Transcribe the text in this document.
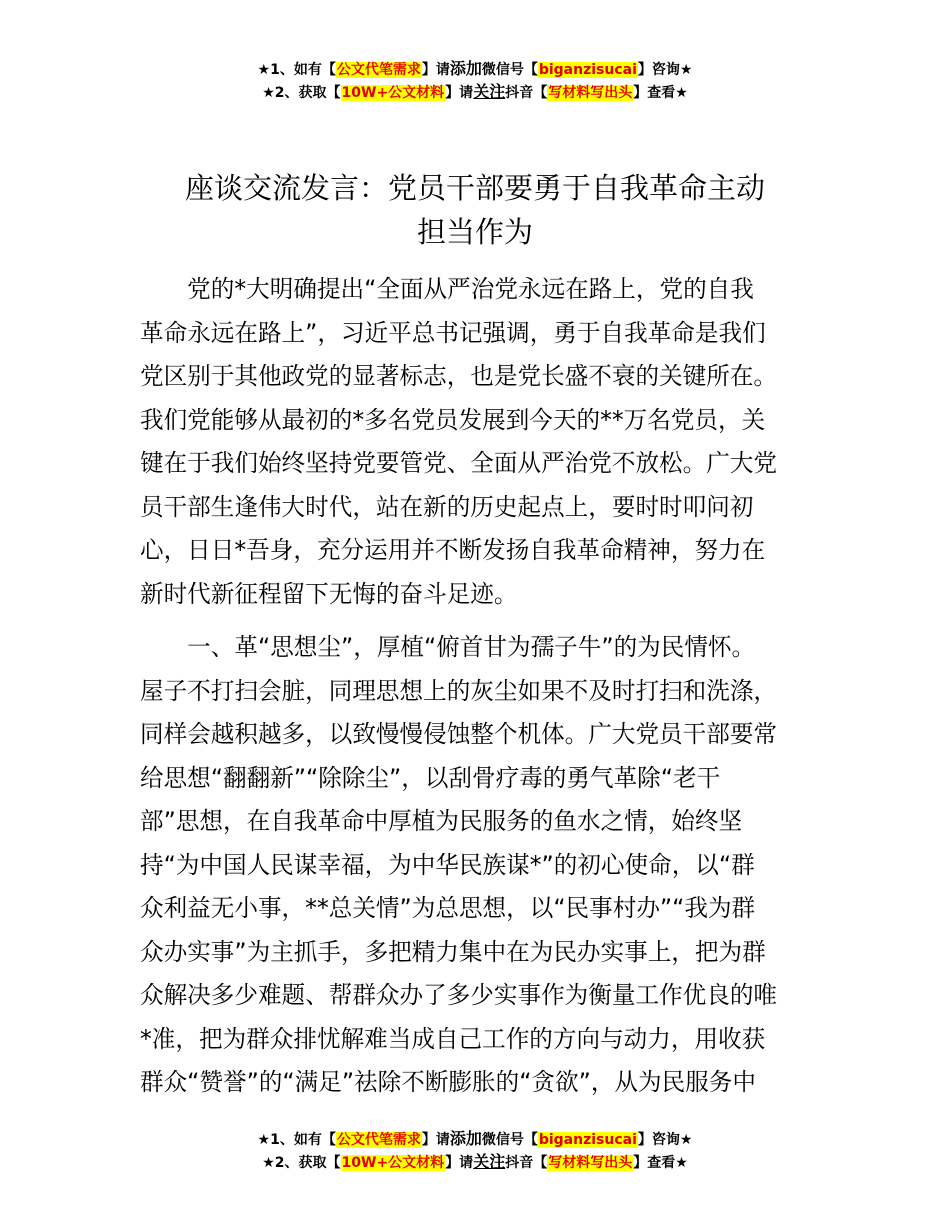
★1、如有【公文代笔需求】请添加微信号【biganzisucai】咨询★
★2、获取【10W+公文材料】请关注抖音【写材料写出头】查看★
座谈交流发言：党员干部要勇于自我革命主动
担当作为
　　党的*大明确提出“全面从严治党永远在路上，党的自我
革命永远在路上”，习近平总书记强调，勇于自我革命是我们
党区别于其他政党的显著标志，也是党长盛不衰的关键所在。
我们党能够从最初的*多名党员发展到今天的**万名党员，关
键在于我们始终坚持党要管党、全面从严治党不放松。广大党
员干部生逢伟大时代，站在新的历史起点上，要时时叩问初
心，日日*吾身，充分运用并不断发扬自我革命精神，努力在
新时代新征程留下无悔的奋斗足迹。
　　一、革“思想尘”，厚植“俯首甘为孺子牛”的为民情怀。
屋子不打扫会脏，同理思想上的灰尘如果不及时打扫和洗涤，
同样会越积越多，以致慢慢侵蚀整个机体。广大党员干部要常
给思想“翻翻新”“除除尘”，以刮骨疗毒的勇气革除“老干
部”思想，在自我革命中厚植为民服务的鱼水之情，始终坚
持“为中国人民谋幸福，为中华民族谋*”的初心使命，以“群
众利益无小事，**总关情”为总思想，以“民事村办”“我为群
众办实事”为主抓手，多把精力集中在为民办实事上，把为群
众解决多少难题、帮群众办了多少实事作为衡量工作优良的唯
*准，把为群众排忧解难当成自己工作的方向与动力，用收获
群众“赞誉”的“满足”祛除不断膨胀的“贪欲”，从为民服务中
★1、如有【公文代笔需求】请添加微信号【biganzisucai】咨询★
★2、获取【10W+公文材料】请关注抖音【写材料写出头】查看★
